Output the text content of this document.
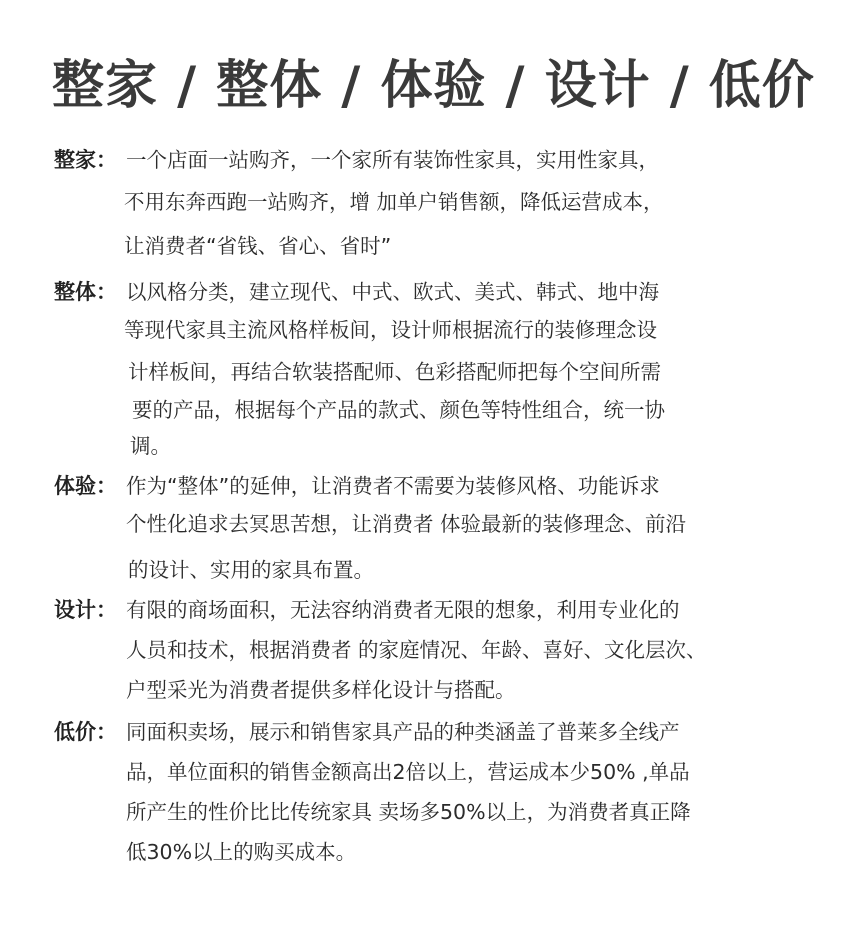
整家 / 整体 / 体验 / 设计 / 低价
整家： 一个店面一站购齐，一个家所有装饰性家具，实用性家具，
不用东奔西跑一站购齐，增 加单户销售额，降低运营成本，
让消费者“省钱、省心、省时”
整体： 以风格分类，建立现代、中式、欧式、美式、韩式、地中海
等现代家具主流风格样板间，设计师根据流行的装修理念设
计样板间，再结合软装搭配师、色彩搭配师把每个空间所需
要的产品，根据每个产品的款式、颜色等特性组合，统一协
调。
体验： 作为“整体”的延伸，让消费者不需要为装修风格、功能诉求
个性化追求去冥思苦想，让消费者 体验最新的装修理念、前沿
的设计、实用的家具布置。
设计： 有限的商场面积，无法容纳消费者无限的想象，利用专业化的
人员和技术，根据消费者 的家庭情况、年龄、喜好、文化层次、
户型采光为消费者提供多样化设计与搭配。
低价： 同面积卖场，展示和销售家具产品的种类涵盖了普莱多全线产
品，单位面积的销售金额高出2倍以上，营运成本少50% ,单品
所产生的性价比比传统家具 卖场多50%以上，为消费者真正降
低30%以上的购买成本。
